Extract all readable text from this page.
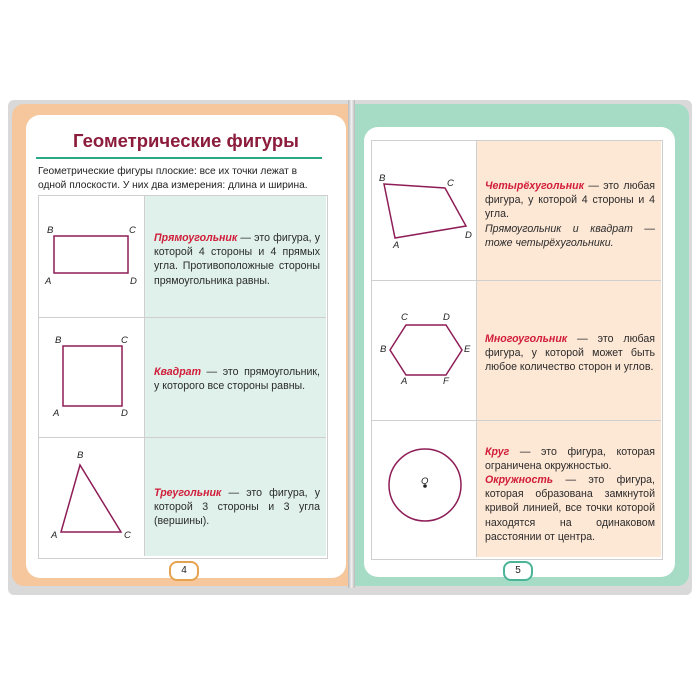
Геометрические фигуры
Геометрические фигуры плоские: все их точки лежат в одной плоскости. У них два измерения: длина и ширина.
B	C
A	D
Прямоугольник — это фигура, у которой 4 стороны и 4 прямых угла. Противоположные стороны прямоугольника равны.
B	C
A	D
Квадрат — это прямоугольник, у которого все стороны равны.
B
A	C
Треугольник — это фигура, у которой 3 стороны и 3 угла (вершины).
4
B	C
A
D
Четырёхугольник — это любая фигура, у которой 4 стороны и 4 угла.
Прямоугольник и квадрат — тоже четырёхугольники.
C	D
B	E
A	F
Многоугольник — это любая фигура, у которой может быть любое количество сторон и углов.
O
Круг — это фигура, которая ограничена окружностью.
Окружность — это фигура, которая образована замкнутой кривой линией, все точки которой находятся на одинаковом расстоянии от центра.
5
